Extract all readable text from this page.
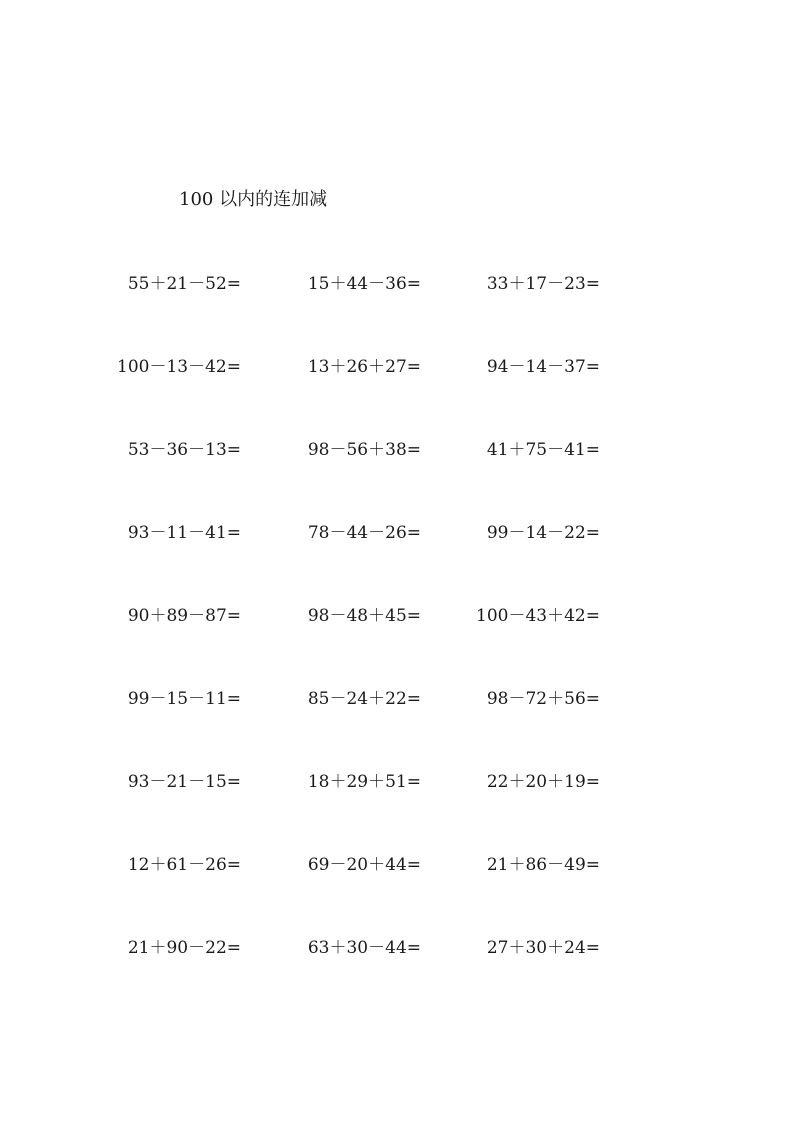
100 以内的连加减
55＋21－52=	15＋44－36=	33＋17－23=
100－13－42=	13＋26＋27=	94－14－37=
53－36－13=	98－56＋38=	41＋75－41=
93－11－41=	78－44－26=	99－14－22=
90＋89－87=	98－48＋45=	100－43＋42=
99－15－11=	85－24＋22=	98－72＋56=
93－21－15=	18＋29＋51=	22＋20＋19=
12＋61－26=	69－20＋44=	21＋86－49=
21＋90－22=	63＋30－44=	27＋30＋24=
